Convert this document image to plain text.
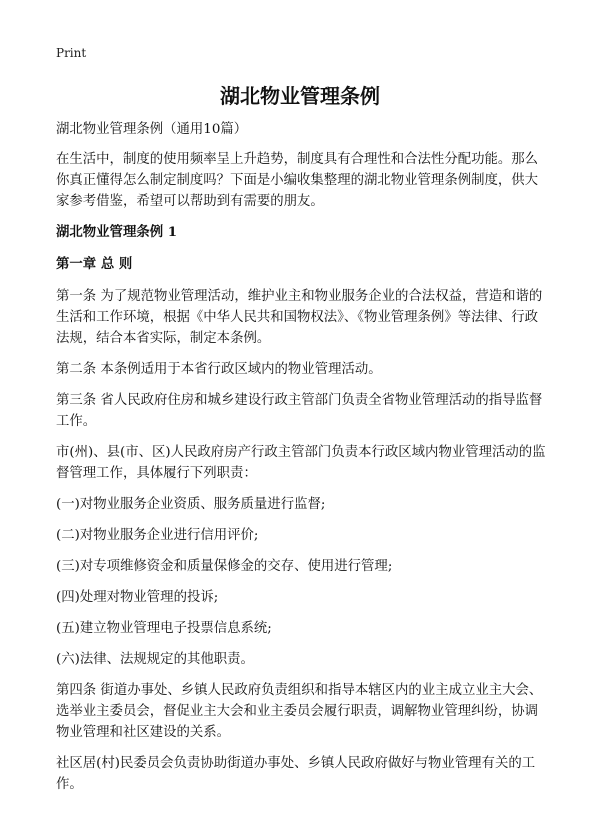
Print
湖北物业管理条例

湖北物业管理条例（通用10篇）

在生活中，制度的使用频率呈上升趋势，制度具有合理性和合法性分配功能。那么你真正懂得怎么制定制度吗？下面是小编收集整理的湖北物业管理条例制度，供大家参考借鉴，希望可以帮助到有需要的朋友。

湖北物业管理条例 1

第一章 总 则

第一条 为了规范物业管理活动，维护业主和物业服务企业的合法权益，营造和谐的生活和工作环境，根据《中华人民共和国物权法》、《物业管理条例》等法律、行政法规，结合本省实际，制定本条例。

第二条 本条例适用于本省行政区域内的物业管理活动。

第三条 省人民政府住房和城乡建设行政主管部门负责全省物业管理活动的指导监督工作。

市(州)、县(市、区)人民政府房产行政主管部门负责本行政区域内物业管理活动的监督管理工作，具体履行下列职责：

(一)对物业服务企业资质、服务质量进行监督;

(二)对物业服务企业进行信用评价;

(三)对专项维修资金和质量保修金的交存、使用进行管理;

(四)处理对物业管理的投诉;

(五)建立物业管理电子投票信息系统;

(六)法律、法规规定的其他职责。

第四条 街道办事处、乡镇人民政府负责组织和指导本辖区内的业主成立业主大会、选举业主委员会，督促业主大会和业主委员会履行职责，调解物业管理纠纷，协调物业管理和社区建设的关系。

社区居(村)民委员会负责协助街道办事处、乡镇人民政府做好与物业管理有关的工作。
